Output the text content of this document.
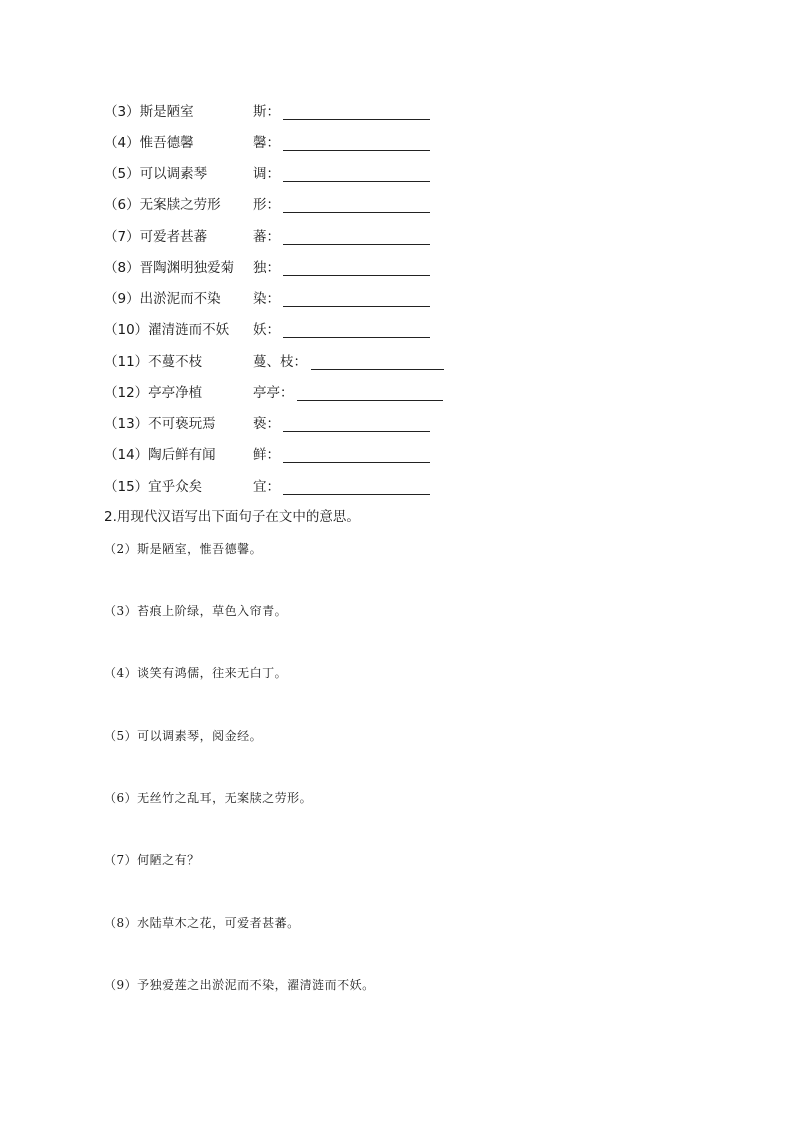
（3）斯是陋室	斯：
（4）惟吾德馨	馨：
（5）可以调素琴	调：
（6）无案牍之劳形 形：
（7）可爱者甚蕃	蕃：
（8）晋陶渊明独爱菊 独：
（9）出淤泥而不染 染：
（10）濯清涟而不妖 妖：
（11）不蔓不枝	蔓、枝：
（12）亭亭净植	亭亭：
（13）不可亵玩焉	亵：
（14）陶后鲜有闻	鲜：
（15）宜乎众矣	宜：
2.用现代汉语写出下面句子在文中的意思。
（2）斯是陋室，惟吾德馨。
（3）苔痕上阶绿，草色入帘青。
（4）谈笑有鸿儒，往来无白丁。
（5）可以调素琴，阅金经。
（6）无丝竹之乱耳，无案牍之劳形。
（7）何陋之有？
（8）水陆草木之花，可爱者甚蕃。
（9）予独爱莲之出淤泥而不染，濯清涟而不妖。
